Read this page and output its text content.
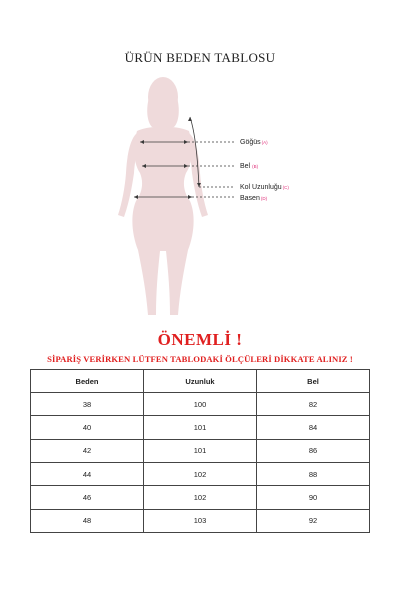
ÜRÜN BEDEN TABLOSU
Göğüs(A)
Bel (B)
Kol Uzunluğu(C)
Basen(D)
ÖNEMLİ !
SİPARİŞ VERİRKEN LÜTFEN TABLODAKİ ÖLÇÜLERİ DİKKATE ALINIZ !
Beden	Uzunluk	Bel
38	100	82
40	101	84
42	101	86
44	102	88
46	102	90
48	103	92
